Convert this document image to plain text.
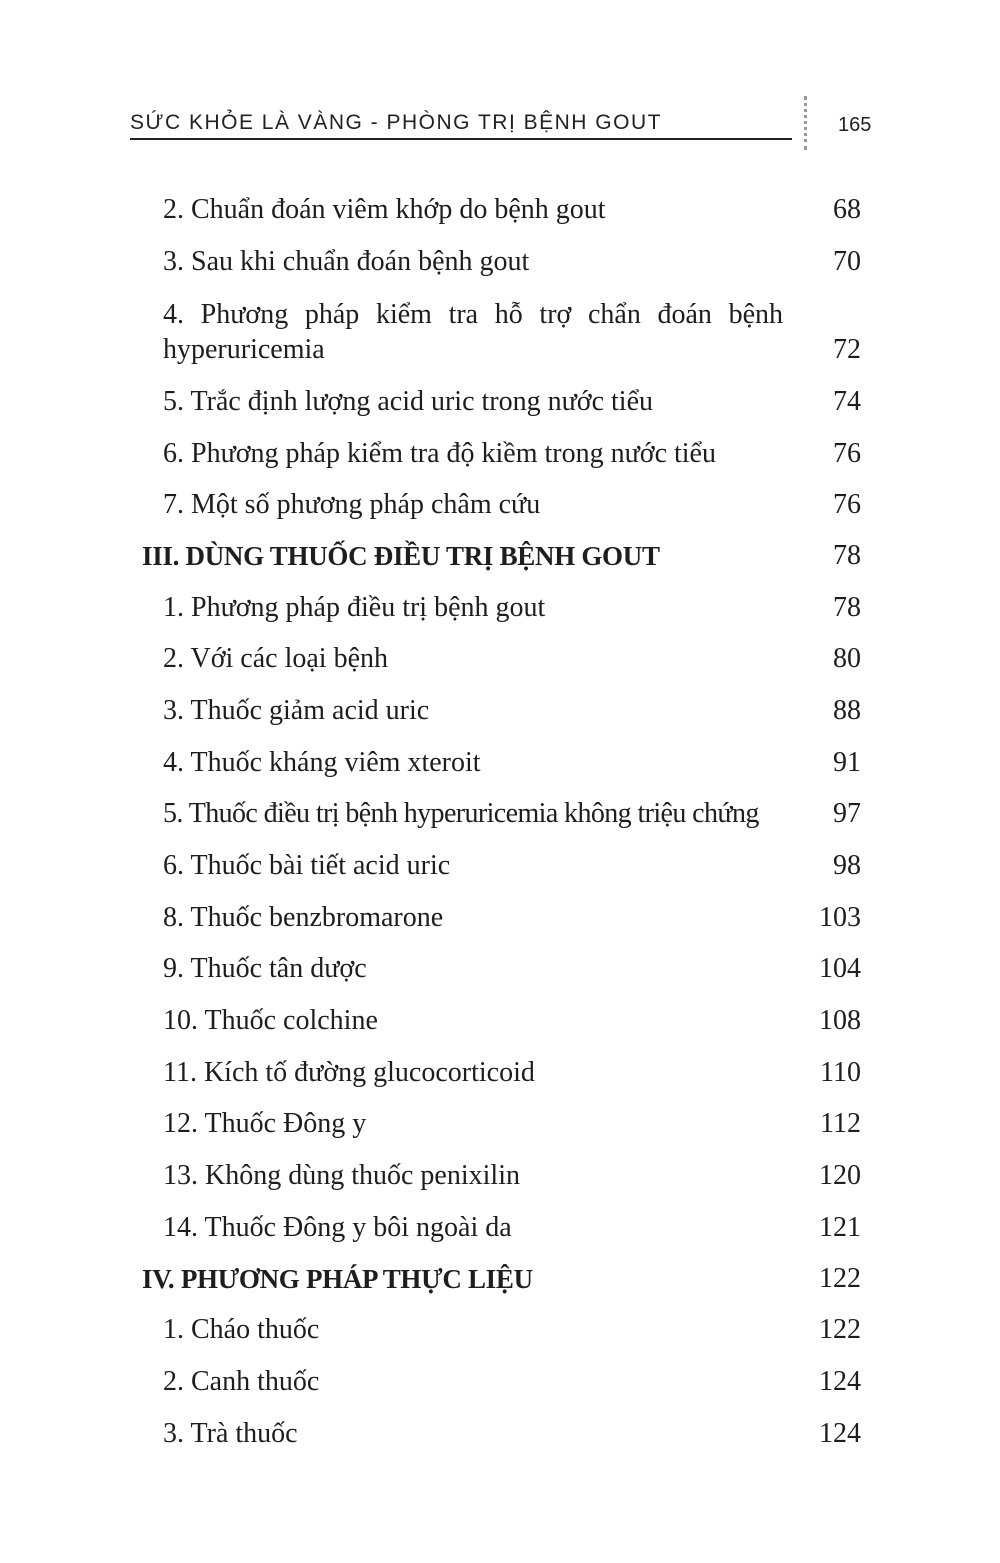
SỨC KHỎE LÀ VÀNG - PHÒNG TRỊ BỆNH GOUT	165
2. Chuẩn đoán viêm khớp do bệnh gout	68
3. Sau khi chuẩn đoán bệnh gout	70
4. Phương pháp kiểm tra hỗ trợ chẩn đoán bệnh
hyperuricemia	72
5. Trắc định lượng acid uric trong nước tiểu	74
6. Phương pháp kiểm tra độ kiềm trong nước tiểu	76
7. Một số phương pháp châm cứu	76
III. DÙNG THUỐC ĐIỀU TRỊ BỆNH GOUT	78
1. Phương pháp điều trị bệnh gout	78
2. Với các loại bệnh	80
3. Thuốc giảm acid uric	88
4. Thuốc kháng viêm xteroit	91
5. Thuốc điều trị bệnh hyperuricemia không triệu chứng	97
6. Thuốc bài tiết acid uric	98
8. Thuốc benzbromarone	103
9. Thuốc tân dược	104
10. Thuốc colchine	108
11. Kích tố đường glucocorticoid	110
12. Thuốc Đông y	112
13. Không dùng thuốc penixilin	120
14. Thuốc Đông y bôi ngoài da	121
IV. PHƯƠNG PHÁP THỰC LIỆU	122
1. Cháo thuốc	122
2. Canh thuốc	124
3. Trà thuốc	124
